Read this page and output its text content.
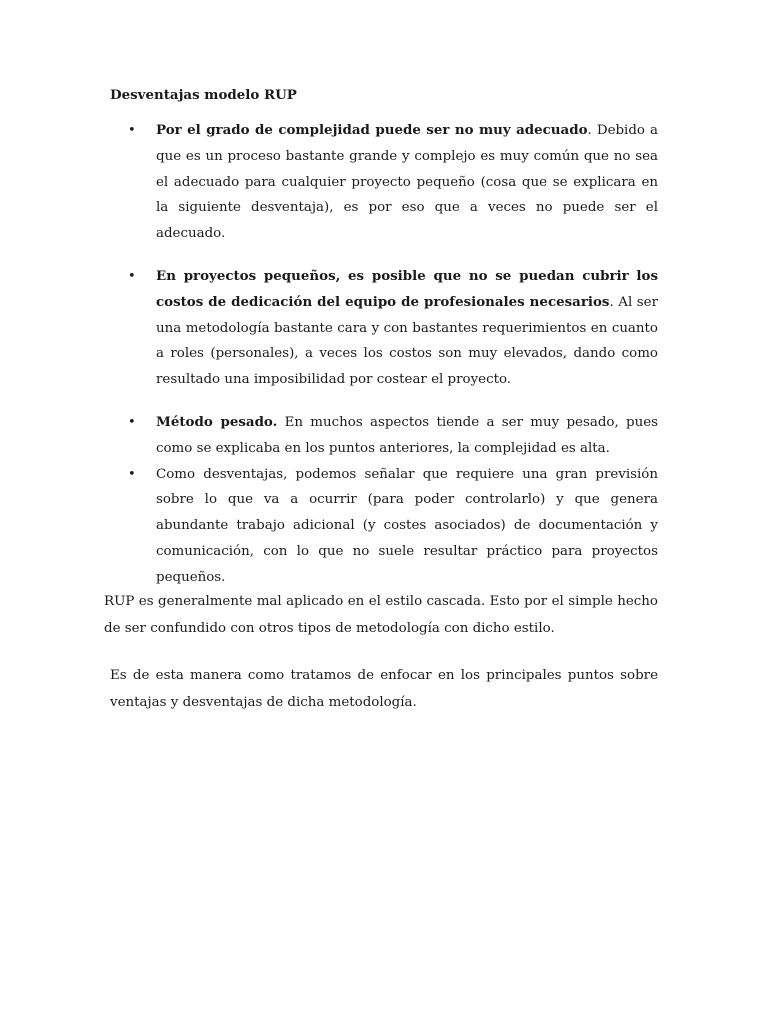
Desventajas modelo RUP
• Por el grado de complejidad puede ser no muy adecuado. Debido a que es un proceso bastante grande y complejo es muy común que no sea el adecuado para cualquier proyecto pequeño (cosa que se explicara en la siguiente desventaja), es por eso que a veces no puede ser el adecuado.
• En proyectos pequeños, es posible que no se puedan cubrir los costos de dedicación del equipo de profesionales necesarios. Al ser una metodología bastante cara y con bastantes requerimientos en cuanto a roles (personales), a veces los costos son muy elevados, dando como resultado una imposibilidad por costear el proyecto.
• Método pesado. En muchos aspectos tiende a ser muy pesado, pues como se explicaba en los puntos anteriores, la complejidad es alta.
• Como desventajas, podemos señalar que requiere una gran previsión sobre lo que va a ocurrir (para poder controlarlo) y que genera abundante trabajo adicional (y costes asociados) de documentación y comunicación, con lo que no suele resultar práctico para proyectos pequeños.

RUP es generalmente mal aplicado en el estilo cascada. Esto por el simple hecho de ser confundido con otros tipos de metodología con dicho estilo.

Es de esta manera como tratamos de enfocar en los principales puntos sobre ventajas y desventajas de dicha metodología.
